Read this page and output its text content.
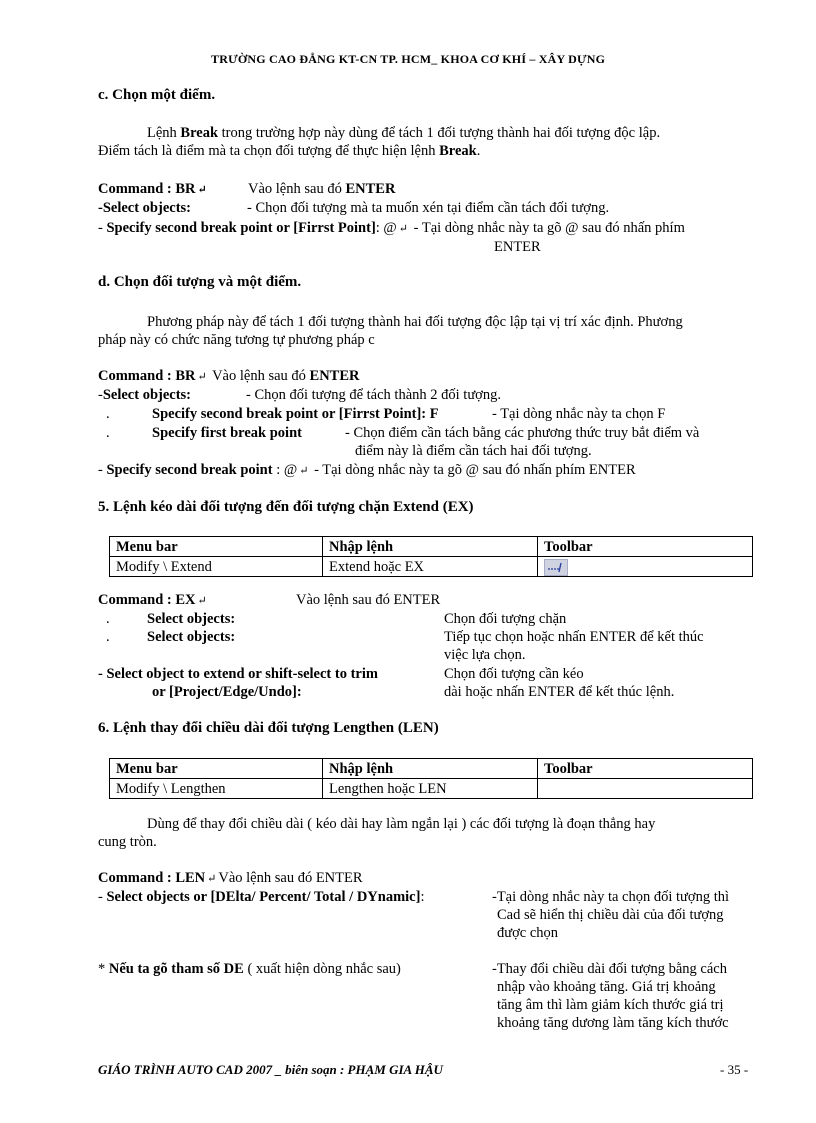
TRƯỜNG CAO ĐẲNG KT-CN TP. HCM_ KHOA CƠ KHÍ – XÂY DỰNG
c. Chọn một điểm.
Lệnh Break trong trường hợp này dùng để tách 1 đối tượng thành hai đối tượng độc lập.
Điểm tách là điểm mà ta chọn đối tượng để thực hiện lệnh Break.
Command : BR ↵	Vào lệnh sau đó ENTER
-Select objects:	- Chọn đối tượng mà ta muốn xén tại điểm cần tách đối tượng.
- Specify second break point or [Firrst Point]: @ ↵ - Tại dòng nhắc này ta gõ @ sau đó nhấn phím
ENTER
d. Chọn đối tượng và một điểm.
Phương pháp này để tách 1 đối tượng thành hai đối tượng độc lập tại vị trí xác định. Phương
pháp này có chức năng tương tự phương pháp c
Command : BR ↵ Vào lệnh sau đó ENTER
-Select objects:	- Chọn đối tượng để tách thành 2 đối tượng.
.	Specify second break point or [Firrst Point]: F	- Tại dòng nhắc này ta chọn F
.	Specify first break point	- Chọn điểm cần tách bằng các phương thức truy bắt điểm và
điểm này là điểm cần tách hai đối tượng.
- Specify second break point : @ ↵ - Tại dòng nhắc này ta gõ @ sau đó nhấn phím ENTER
5. Lệnh kéo dài đối tượng đến đối tượng chặn Extend (EX)
Menu bar	Nhập lệnh	Toolbar
Modify \ Extend	Extend hoặc EX	
Command : EX ↵	Vào lệnh sau đó ENTER
.	Select objects:	Chọn đối tượng chặn
.	Select objects:	Tiếp tục chọn hoặc nhấn ENTER để kết thúc
việc lựa chọn.
- Select object to extend or shift-select to trim	Chọn đối tượng cần kéo
or [Project/Edge/Undo]:	dài hoặc nhấn ENTER để kết thúc lệnh.
6. Lệnh thay đổi chiều dài đối tượng Lengthen (LEN)
Menu bar	Nhập lệnh	Toolbar
Modify \ Lengthen	Lengthen hoặc LEN	
Dùng để thay đổi chiều dài ( kéo dài hay làm ngắn lại ) các đối tượng là đoạn thẳng hay
cung tròn.
Command : LEN ↵ Vào lệnh sau đó ENTER
- Select objects or [DElta/ Percent/ Total / DYnamic]:	-Tại dòng nhắc này ta chọn đối tượng thì
Cad sẽ hiển thị chiều dài của đối tượng
được chọn
* Nếu ta gõ tham số DE ( xuất hiện dòng nhắc sau)	-Thay đổi chiều dài đối tượng bằng cách
nhập vào khoảng tăng. Giá trị khoảng
tăng âm thì làm giảm kích thước giá trị
khoảng tăng dương làm tăng kích thước
GIÁO TRÌNH AUTO CAD 2007 _ biên soạn : PHẠM GIA HẬU	- 35 -
